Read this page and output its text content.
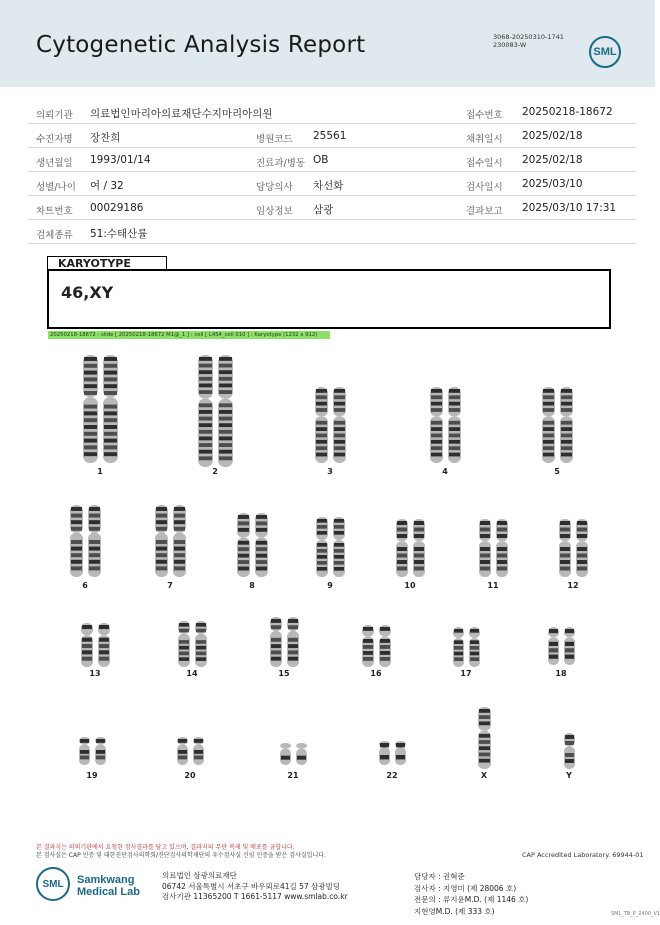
Cytogenetic Analysis Report	3068-20250310-1741
230083-W
SML
의뢰기관 의료법인마리아의료재단수지마리아의원	접수번호 20250218-18672
수진자명 장찬희	병원코드 25561	채취일시 2025/02/18
생년월일 1993/01/14	진료과/병동 OB	접수일시 2025/02/18
성별/나이 여 / 32	담당의사 차선화	검사일시 2025/03/10
차트번호 00029186	임상정보 삼광	결과보고 2025/03/10 17:31
검체종류 51:수태산률
KARYOTYPE
46,XY
20250218-18672 - slide [ 20250218-18672 M1@_1 ] : cell [ L4S4_cell 010 ] : Karyotype (1232 x 912)
1	2	3	4	5
6	7	8	9	10	11	12
13	14	15	16	17	18
19	20	21	22	X	Y
본 결과지는 의뢰기관에서 요청한 검사결과를 담고 있으며, 결과지의 무단 복제 및 배포를 금합니다.
본 검사실은 CAP 인증 및 대한진단검사의학회/진단검사의학재단의 우수검사실 신임 인증을 받은 검사실입니다.	CAP Accredited Laboratory. 69944-01
SML	Samkwang
Medical Lab
의료법인 삼광의료재단
06742 서울특별시 서초구 바우뫼로41길 57 삼광빌딩
검사기관 11365200 T 1661-5117 www.smlab.co.kr
담당자 : 권혁준
검사자 : 지영미 (제 28006 호)
전문의 : 류지윤M.D. (제 1146 호)
지현영M.D. (제 333 호)	SML_TB_P_2400_V1
